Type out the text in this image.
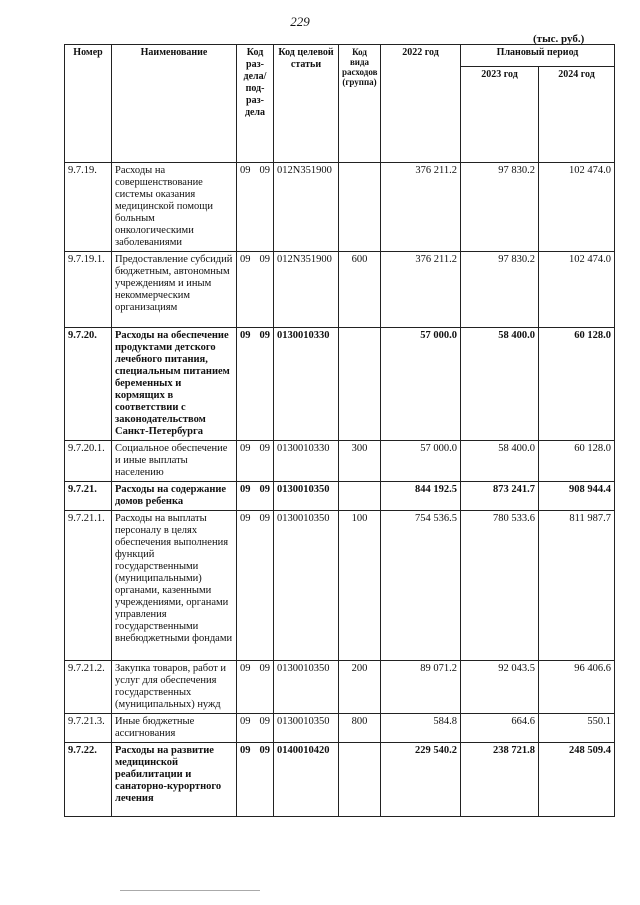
229
(тыс. руб.)
Номер	Наименование	Код раз-дела/ под-раз-дела	Код целевой статьи	Код вида расходов (группа)	2022 год	Плановый период	
						2023 год	2024 год
9.7.19.	Расходы на совершенствование системы оказания медицинской помощи больным онкологическими заболеваниями	09 09	012N351900		376 211.2	97 830.2	102 474.0
9.7.19.1.	Предоставление субсидий бюджетным, автономным учреждениям и иным некоммерческим организациям	09 09	012N351900	600	376 211.2	97 830.2	102 474.0
9.7.20.	Расходы на обеспечение продуктами детского лечебного питания, специальным питанием беременных и кормящих в соответствии с законодательством Санкт-Петербурга	09 09	0130010330		57 000.0	58 400.0	60 128.0
9.7.20.1.	Социальное обеспечение и иные выплаты населению	09 09	0130010330	300	57 000.0	58 400.0	60 128.0
9.7.21.	Расходы на содержание домов ребенка	09 09	0130010350		844 192.5	873 241.7	908 944.4
9.7.21.1.	Расходы на выплаты персоналу в целях обеспечения выполнения функций государственными (муниципальными) органами, казенными учреждениями, органами управления государственными внебюджетными фондами	09 09	0130010350	100	754 536.5	780 533.6	811 987.7
9.7.21.2.	Закупка товаров, работ и услуг для обеспечения государственных (муниципальных) нужд	09 09	0130010350	200	89 071.2	92 043.5	96 406.6
9.7.21.3.	Иные бюджетные ассигнования	09 09	0130010350	800	584.8	664.6	550.1
9.7.22.	Расходы на развитие медицинской реабилитации и санаторно-курортного лечения	09 09	0140010420		229 540.2	238 721.8	248 509.4
